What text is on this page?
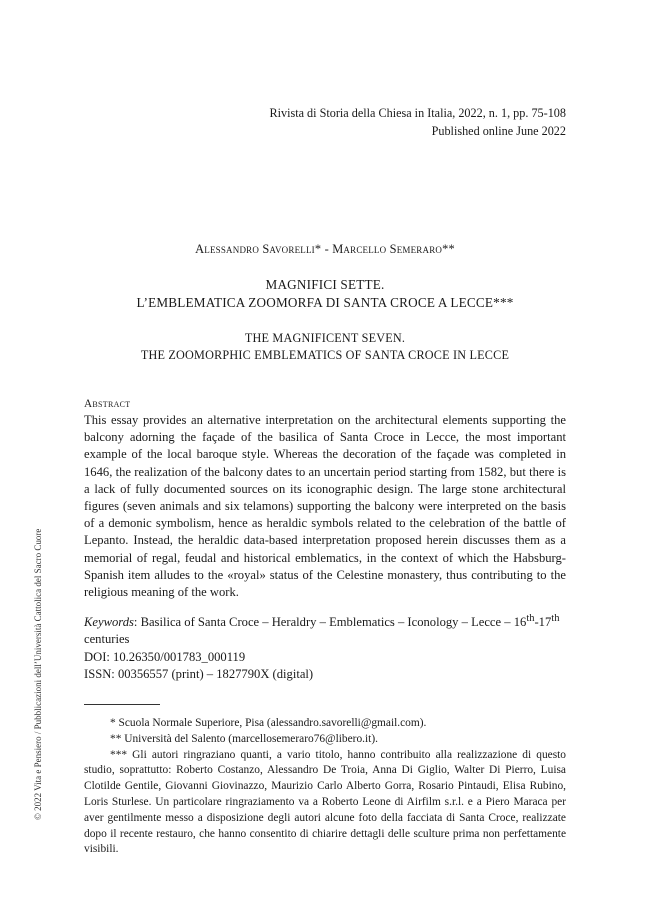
Rivista di Storia della Chiesa in Italia, 2022, n. 1, pp. 75-108
Published online June 2022
Alessandro Savorelli* - Marcello Semeraro**
MAGNIFICI SETTE.
L’EMBLEMATICA ZOOMORFA DI SANTA CROCE A LECCE***
THE MAGNIFICENT SEVEN.
THE ZOOMORPHIC EMBLEMATICS OF SANTA CROCE IN LECCE
Abstract

This essay provides an alternative interpretation on the architectural elements supporting the balcony adorning the façade of the basilica of Santa Croce in Lecce, the most important example of the local baroque style. Whereas the decoration of the façade was completed in 1646, the realization of the balcony dates to an uncertain period starting from 1582, but there is a lack of fully documented sources on its iconographic design. The large stone architectural figures (seven animals and six telamons) supporting the balcony were interpreted on the basis of a demonic symbolism, hence as heraldic symbols related to the celebration of the battle of Lepanto. Instead, the heraldic data-based interpretation proposed herein discusses them as a memorial of regal, feudal and historical emblematics, in the context of which the Habsburg-Spanish item alludes to the «royal» status of the Celestine monastery, thus contributing to the religious meaning of the work.

Keywords: Basilica of Santa Croce – Heraldry – Emblematics – Iconology – Lecce – 16th-17th centuries
DOI: 10.26350/001783_000119
ISSN: 00356557 (print) – 1827790X (digital)

* Scuola Normale Superiore, Pisa (alessandro.savorelli@gmail.com).

** Università del Salento (marcellosemeraro76@libero.it).

*** Gli autori ringraziano quanti, a vario titolo, hanno contribuito alla realizzazione di questo studio, soprattutto: Roberto Costanzo, Alessandro De Troia, Anna Di Giglio, Walter Di Pierro, Luisa Clotilde Gentile, Giovanni Giovinazzo, Maurizio Carlo Alberto Gorra, Rosario Pintaudi, Elisa Rubino, Loris Sturlese. Un particolare ringraziamento va a Roberto Leone di Airfilm s.r.l. e a Piero Maraca per aver gentilmente messo a disposizione degli autori alcune foto della facciata di Santa Croce, realizzate dopo il recente restauro, che hanno consentito di chiarire dettagli delle sculture prima non perfettamente visibili.

© 2022 Vita e Pensiero / Pubblicazioni dell’Università Cattolica del Sacro Cuore
